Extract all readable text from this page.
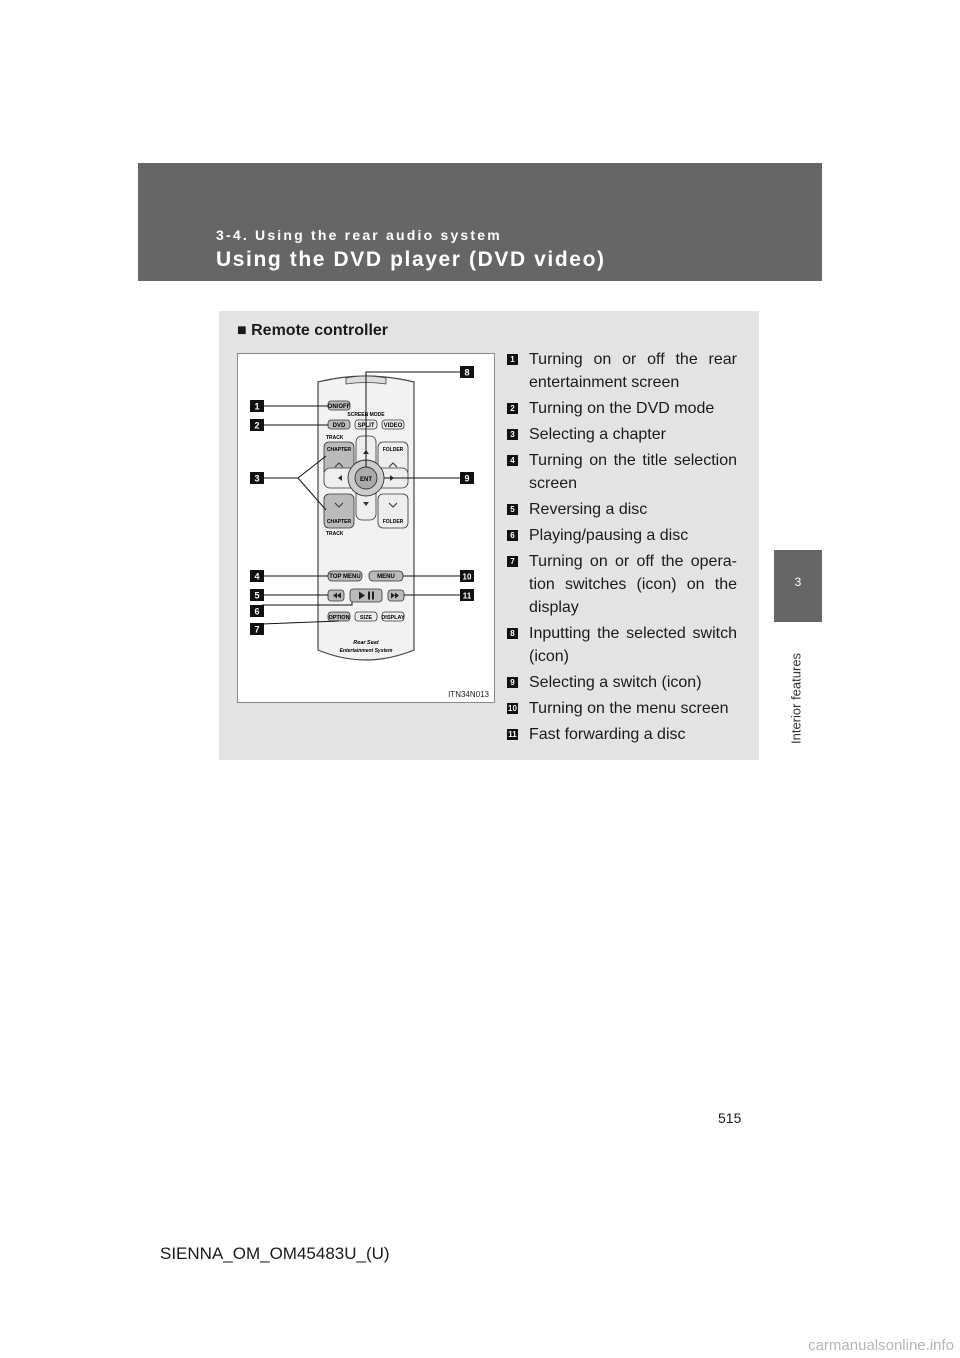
3-4. Using the rear audio system
Using the DVD player (DVD video)
3
Interior features
■ Remote controller
ON/OFF
SCREEN MODE
DVD SPLIT VIDEO
TRACK
CHAPTER	FOLDER
ENT
CHAPTER	FOLDER
TRACK
TOP MENU	MENU
OPTION SIZE DISPLAY
Rear Seat
Entertainment System
1
2
3
4
5
6
7
8
9
10
11
ITN34N013
1 Turning on or off the rear entertainment screen
2 Turning on the DVD mode
3 Selecting a chapter
4 Turning on the title selection screen
5 Reversing a disc
6 Playing/pausing a disc
7 Turning on or off the opera-tion switches (icon) on the display
8 Inputting the selected switch (icon)
9 Selecting a switch (icon)
10 Turning on the menu screen
11 Fast forwarding a disc
515
SIENNA_OM_OM45483U_(U)
carmanualsonline.info
